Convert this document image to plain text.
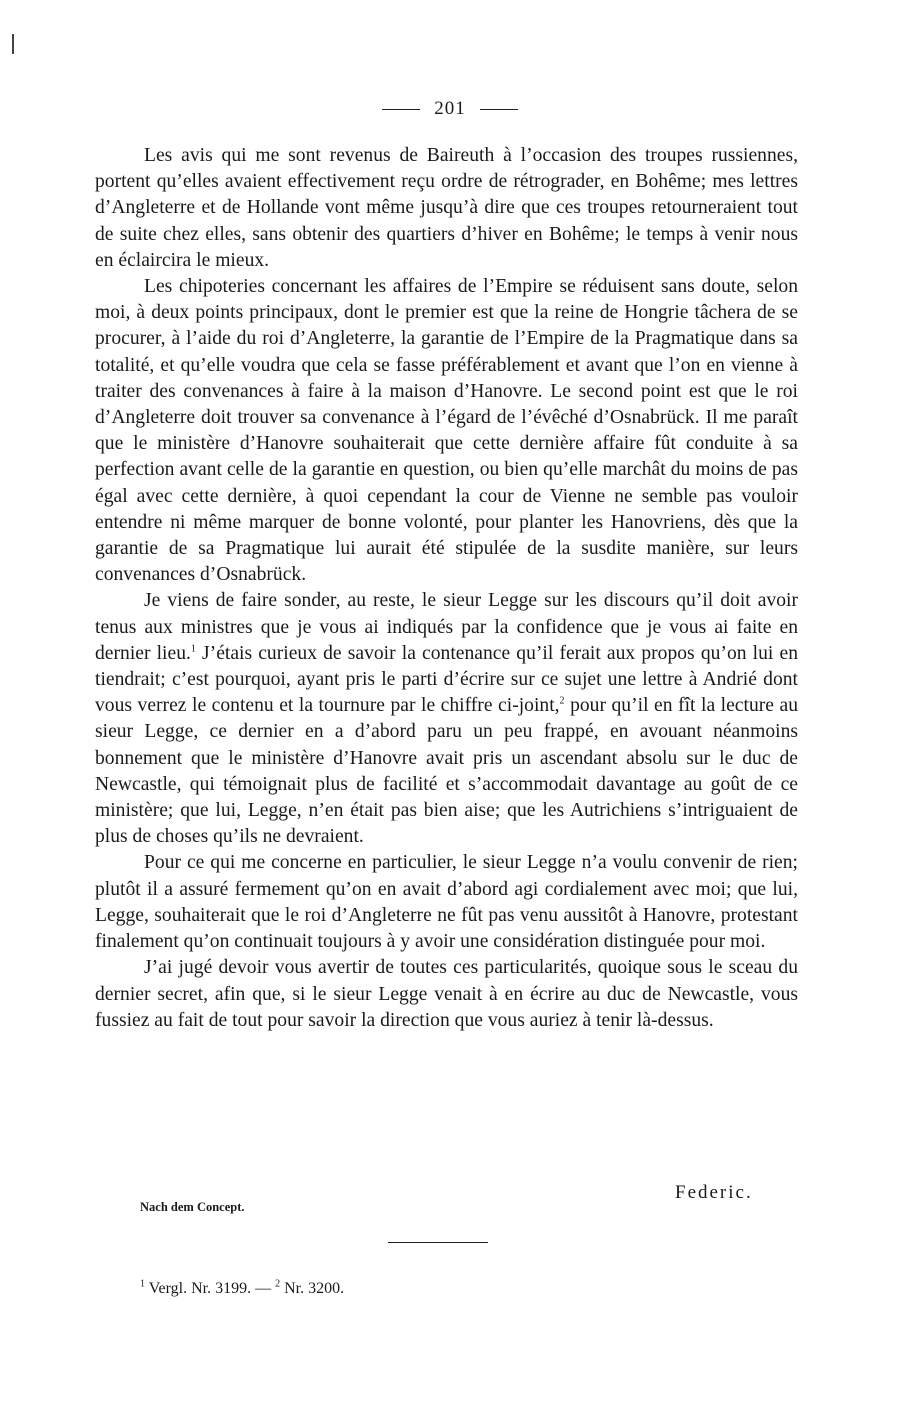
201

Les avis qui me sont revenus de Baireuth à l’occasion des troupes russiennes, portent qu’elles avaient effectivement reçu ordre de rétrograder, en Bohême; mes lettres d’Angleterre et de Hollande vont même jusqu’à dire que ces troupes retourneraient tout de suite chez elles, sans obtenir des quartiers d’hiver en Bohême; le temps à venir nous en éclaircira le mieux.

Les chipoteries concernant les affaires de l’Empire se réduisent sans doute, selon moi, à deux points principaux, dont le premier est que la reine de Hongrie tâchera de se procurer, à l’aide du roi d’Angleterre, la garantie de l’Empire de la Pragmatique dans sa totalité, et qu’elle voudra que cela se fasse préférablement et avant que l’on en vienne à traiter des convenances à faire à la maison d’Hanovre. Le second point est que le roi d’Angleterre doit trouver sa convenance à l’égard de l’évêché d’Osnabrück. Il me paraît que le ministère d’Hanovre souhaiterait que cette dernière affaire fût conduite à sa perfection avant celle de la garantie en question, ou bien qu’elle marchât du moins de pas égal avec cette dernière, à quoi cependant la cour de Vienne ne semble pas vouloir entendre ni même marquer de bonne volonté, pour planter les Hanovriens, dès que la garantie de sa Pragmatique lui aurait été stipulée de la susdite manière, sur leurs convenances d’Osnabrück.

Je viens de faire sonder, au reste, le sieur Legge sur les discours qu’il doit avoir tenus aux ministres que je vous ai indiqués par la confidence que je vous ai faite en dernier lieu.$^1$ J’étais curieux de savoir la contenance qu’il ferait aux propos qu’on lui en tiendrait; c’est pourquoi, ayant pris le parti d’écrire sur ce sujet une lettre à Andrié dont vous verrez le contenu et la tournure par le chiffre ci-joint,$^2$ pour qu’il en fît la lecture au sieur Legge, ce dernier en a d’abord paru un peu frappé, en avouant néanmoins bonnement que le ministère d’Hanovre avait pris un ascendant absolu sur le duc de Newcastle, qui témoignait plus de facilité et s’accommodait davantage au goût de ce ministère; que lui, Legge, n’en était pas bien aise; que les Autrichiens s’intriguaient de plus de choses qu’ils ne devraient.

Pour ce qui me concerne en particulier, le sieur Legge n’a voulu convenir de rien; plutôt il a assuré fermement qu’on en avait d’abord agi cordialement avec moi; que lui, Legge, souhaiterait que le roi d’Angleterre ne fût pas venu aussitôt à Hanovre, protestant finalement qu’on continuait toujours à y avoir une considération distinguée pour moi.

J’ai jugé devoir vous avertir de toutes ces particularités, quoique sous le sceau du dernier secret, afin que, si le sieur Legge venait à en écrire au duc de Newcastle, vous fussiez au fait de tout pour savoir la direction que vous auriez à tenir là-dessus.

Federic.
Nach dem Concept.
$^1$ Vergl. Nr. 3199. — $^2$ Nr. 3200.
